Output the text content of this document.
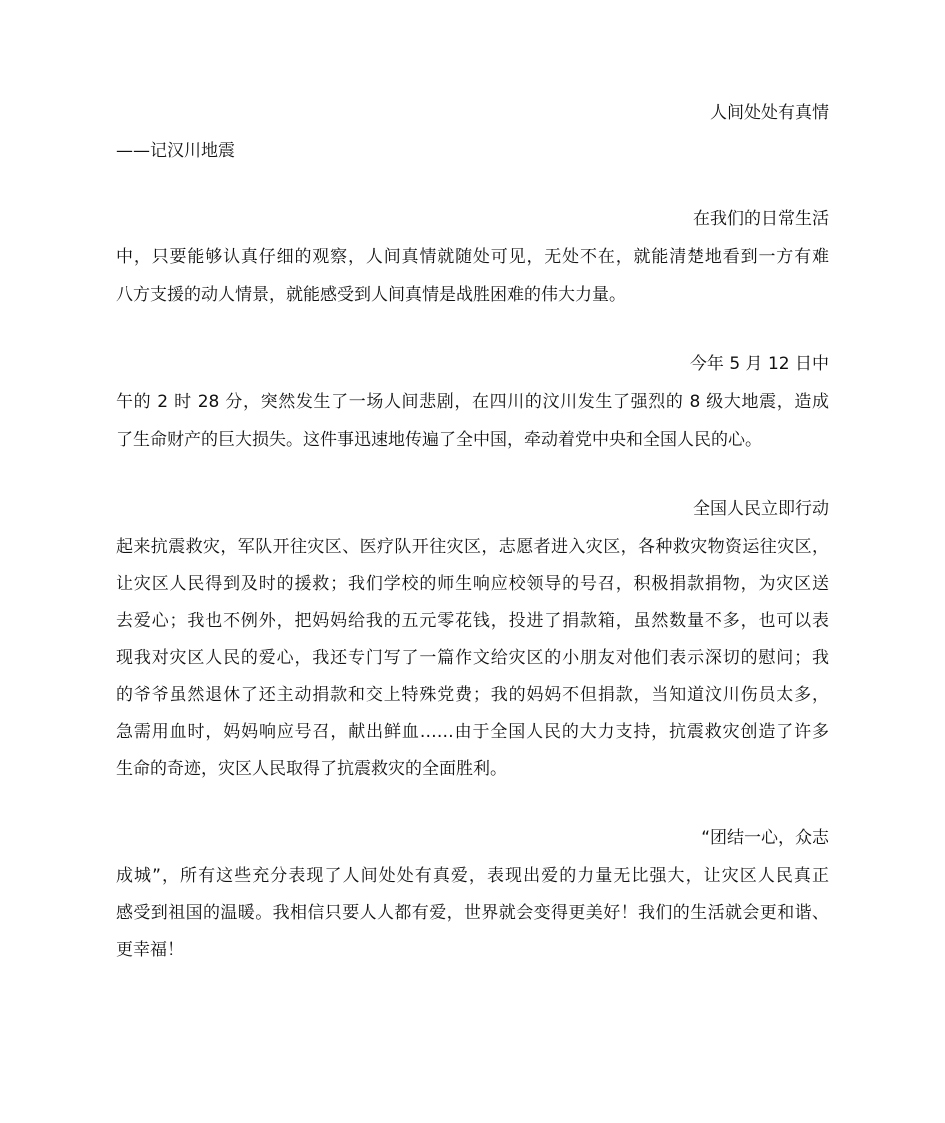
人间处处有真情
——记汉川地震
在我们的日常生活
中，只要能够认真仔细的观察，人间真情就随处可见，无处不在，就能清楚地看到一方有难
八方支援的动人情景，就能感受到人间真情是战胜困难的伟大力量。
今年 5 月 12 日中
午的 2 时 28 分，突然发生了一场人间悲剧，在四川的汶川发生了强烈的 8 级大地震，造成
了生命财产的巨大损失。这件事迅速地传遍了全中国，牵动着党中央和全国人民的心。
全国人民立即行动
起来抗震救灾，军队开往灾区、医疗队开往灾区，志愿者进入灾区，各种救灾物资运往灾区，
让灾区人民得到及时的援救；我们学校的师生响应校领导的号召，积极捐款捐物，为灾区送
去爱心；我也不例外，把妈妈给我的五元零花钱，投进了捐款箱，虽然数量不多，也可以表
现我对灾区人民的爱心，我还专门写了一篇作文给灾区的小朋友对他们表示深切的慰问；我
的爷爷虽然退休了还主动捐款和交上特殊党费；我的妈妈不但捐款，当知道汶川伤员太多，
急需用血时，妈妈响应号召，献出鲜血……由于全国人民的大力支持，抗震救灾创造了许多
生命的奇迹，灾区人民取得了抗震救灾的全面胜利。
“团结一心，众志
成城”，所有这些充分表现了人间处处有真爱，表现出爱的力量无比强大，让灾区人民真正
感受到祖国的温暖。我相信只要人人都有爱，世界就会变得更美好！我们的生活就会更和谐、
更幸福！
